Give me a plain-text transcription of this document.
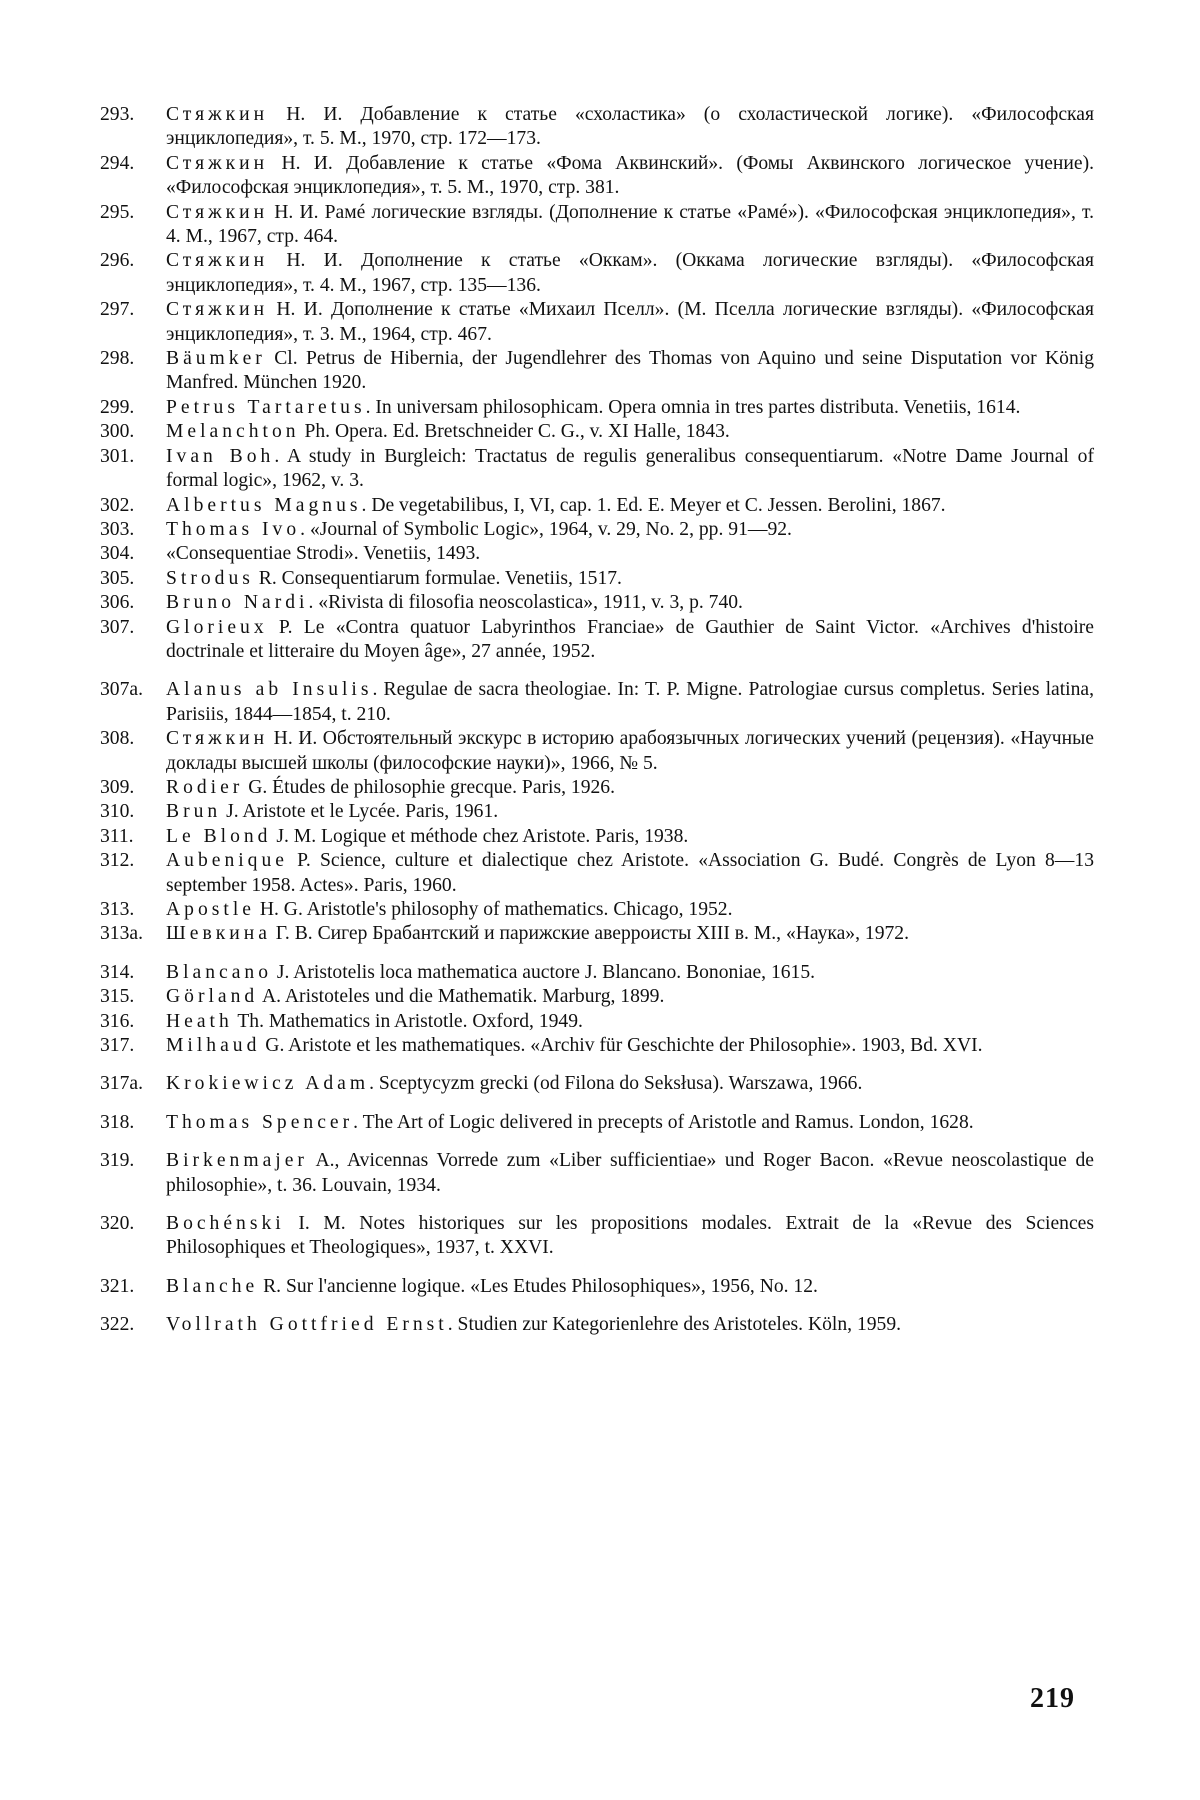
293.	Стяжкин Н. И. Добавление к статье «схоластика» (о схоластической логике). «Философская энциклопедия», т. 5. М., 1970, стр. 172—173.
294.	Стяжкин Н. И. Добавление к статье «Фома Аквинский». (Фомы Аквинского логическое учение). «Философская энциклопедия», т. 5. М., 1970, стр. 381.
295.	Стяжкин Н. И. Рамé логические взгляды. (Дополнение к статье «Рамé»). «Философская энциклопедия», т. 4. М., 1967, стр. 464.
296.	Стяжкин Н. И. Дополнение к статье «Оккам». (Оккама логические взгляды). «Философская энциклопедия», т. 4. М., 1967, стр. 135—136.
297.	Стяжкин Н. И. Дополнение к статье «Михаил Пселл». (М. Пселла логические взгляды). «Философская энциклопедия», т. 3. М., 1964, стр. 467.
298.	Bäumker Cl. Petrus de Hibernia, der Jugendlehrer des Thomas von Aquino und seine Disputation vor König Manfred. München 1920.
299.	Petrus Tartaretus. In universam philosophicam. Opera omnia in tres partes distributa. Venetiis, 1614.
300.	Melanchton Ph. Opera. Ed. Bretschneider C. G., v. XI Halle, 1843.
301.	Ivan Boh. A study in Burgleich: Tractatus de regulis generalibus consequentiarum. «Notre Dame Journal of formal logic», 1962, v. 3.
302.	Albertus Magnus. De vegetabilibus, I, VI, cap. 1. Ed. E. Meyer et C. Jessen. Berolini, 1867.
303.	Thomas Ivo. «Journal of Symbolic Logic», 1964, v. 29, No. 2, pp. 91—92.
304.	«Consequentiae Strodi». Venetiis, 1493.
305.	Strodus R. Consequentiarum formulae. Venetiis, 1517.
306.	Bruno Nardi. «Rivista di filosofia neoscolastica», 1911, v. 3, p. 740.
307.	Glorieux P. Le «Contra quatuor Labyrinthos Franciae» de Gauthier de Saint Victor. «Archives d'histoire doctrinale et litteraire du Moyen âge», 27 année, 1952.
307a.	Alanus ab Insulis. Regulae de sacra theologiae. In: T. P. Migne. Patrologiae cursus completus. Series latina, Parisiis, 1844—1854, t. 210.
308.	Стяжкин Н. И. Обстоятельный экскурс в историю арабоязычных логических учений (рецензия). «Научные доклады высшей школы (философские науки)», 1966, № 5.
309.	Rodier G. Études de philosophie grecque. Paris, 1926.
310.	Brun J. Aristote et le Lycée. Paris, 1961.
311.	Le Blond J. M. Logique et méthode chez Aristote. Paris, 1938.
312.	Aubenique P. Science, culture et dialectique chez Aristote. «Association G. Budé. Congrès de Lyon 8—13 september 1958. Actes». Paris, 1960.
313.	Apostle H. G. Aristotle's philosophy of mathematics. Chicago, 1952.
313a.	Шевкина Г. В. Сигер Брабантский и парижские аверроисты XIII в. М., «Наука», 1972.
314.	Blancano J. Aristotelis loca mathematica auctore J. Blancano. Bononiae, 1615.
315.	Görland A. Aristoteles und die Mathematik. Marburg, 1899.
316.	Heath Th. Mathematics in Aristotle. Oxford, 1949.
317.	Milhaud G. Aristote et les mathematiques. «Archiv für Geschichte der Philosophie». 1903, Bd. XVI.
317a.	Krokiewicz Adam. Sceptycyzm grecki (od Filona do Seksłusa). Warszawa, 1966.
318.	Thomas Spencer. The Art of Logic delivered in precepts of Aristotle and Ramus. London, 1628.
319.	Birkenmajer A., Avicennas Vorrede zum «Liber sufficientiae» und Roger Bacon. «Revue neoscolastique de philosophie», t. 36. Louvain, 1934.
320.	Bochénski I. M. Notes historiques sur les propositions modales. Extrait de la «Revue des Sciences Philosophiques et Theologiques», 1937, t. XXVI.
321.	Blanche R. Sur l'ancienne logique. «Les Etudes Philosophiques», 1956, No. 12.
322.	Vollrath Gottfried Ernst. Studien zur Kategorienlehre des Aristoteles. Köln, 1959.
219
